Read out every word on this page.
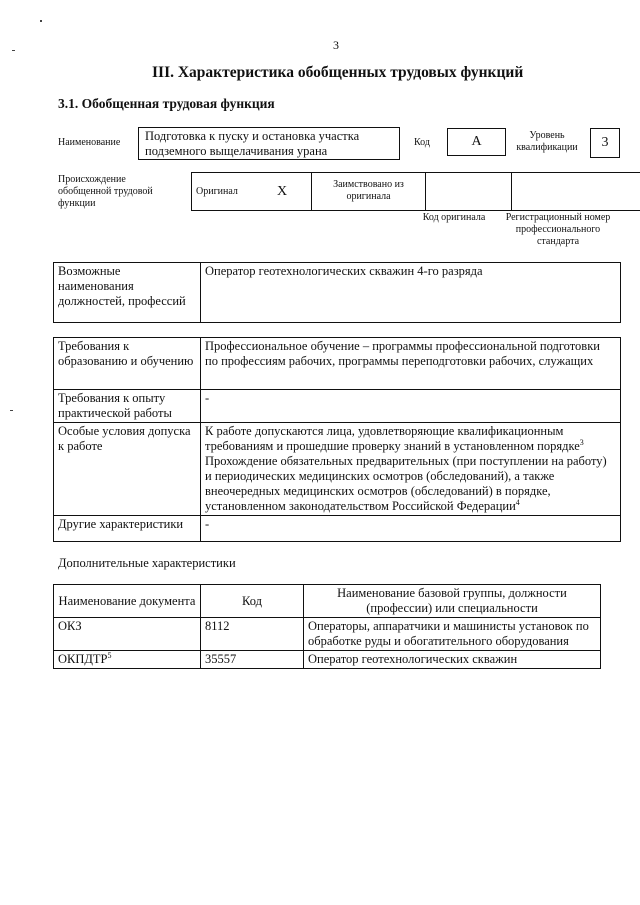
3
III. Характеристика обобщенных трудовых функций
3.1. Обобщенная трудовая функция
Наименование	Подготовка к пуску и остановка участка подземного выщелачивания урана
Код	А	Уровень квалификации	3
Происхождение обобщенной трудовой функции
Оригинал	X	Заимствовано из оригинала		
Код оригинала	Регистрационный номер профессионального стандарта
Возможные наименования должностей, профессий	Оператор геотехнологических скважин 4-го разряда
Требования к образованию и обучению	Профессиональное обучение – программы профессиональной подготовки по профессиям рабочих, программы переподготовки рабочих, служащих
Требования к опыту практической работы	-
Особые условия допуска к работе	К работе допускаются лица, удовлетворяющие квалификационным требованиям и прошедшие проверку знаний в установленном порядке$^3$ Прохождение обязательных предварительных (при поступлении на работу) и периодических медицинских осмотров (обследований), а также внеочередных медицинских осмотров (обследований) в порядке, установленном законодательством Российской Федерации$^4$
Другие характеристики	-
Дополнительные характеристики
Наименование документа	Код	Наименование базовой группы, должности (профессии) или специальности
ОКЗ	8112	Операторы, аппаратчики и машинисты установок по обработке руды и обогатительного оборудования
ОКПДТР$^5$	35557	Оператор геотехнологических скважин
